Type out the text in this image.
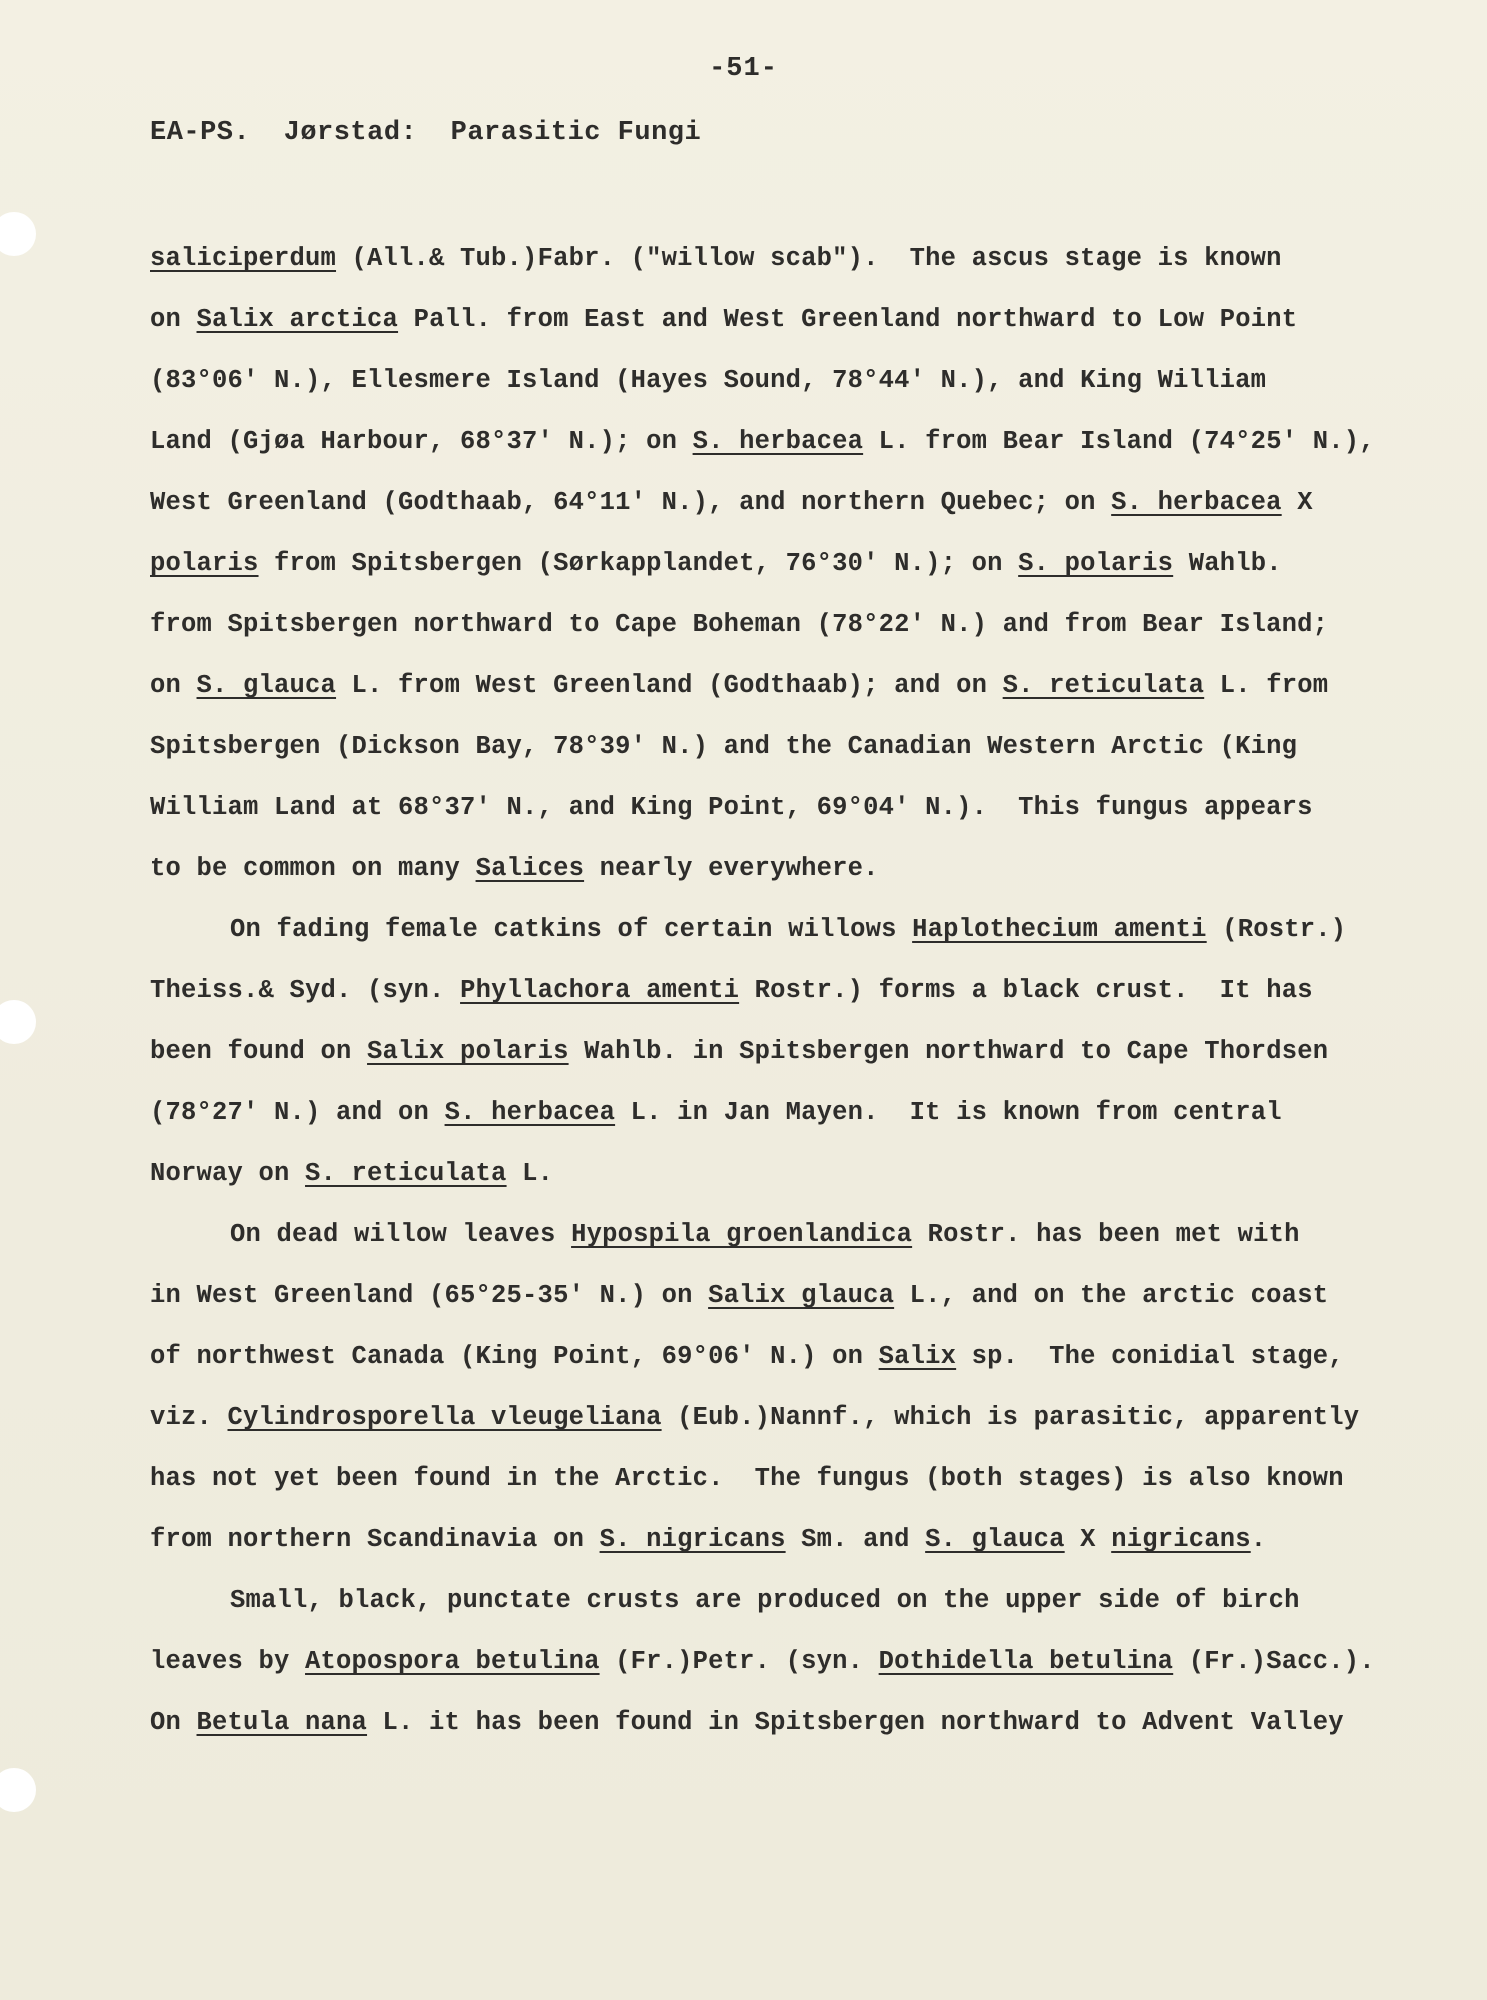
-51-
EA-PS.  Jørstad:  Parasitic Fungi
saliciperdum (All.& Tub.)Fabr. ("willow scab").  The ascus stage is known
on Salix arctica Pall. from East and West Greenland northward to Low Point
(83°06' N.), Ellesmere Island (Hayes Sound, 78°44' N.), and King William
Land (Gjøa Harbour, 68°37' N.); on S. herbacea L. from Bear Island (74°25' N.),
West Greenland (Godthaab, 64°11' N.), and northern Quebec; on S. herbacea X
polaris from Spitsbergen (Sørkapplandet, 76°30' N.); on S. polaris Wahlb.
from Spitsbergen northward to Cape Boheman (78°22' N.) and from Bear Island;
on S. glauca L. from West Greenland (Godthaab); and on S. reticulata L. from
Spitsbergen (Dickson Bay, 78°39' N.) and the Canadian Western Arctic (King
William Land at 68°37' N., and King Point, 69°04' N.).  This fungus appears
to be common on many Salices nearly everywhere.
On fading female catkins of certain willows Haplothecium amenti (Rostr.)
Theiss.& Syd. (syn. Phyllachora amenti Rostr.) forms a black crust.  It has
been found on Salix polaris Wahlb. in Spitsbergen northward to Cape Thordsen
(78°27' N.) and on S. herbacea L. in Jan Mayen.  It is known from central
Norway on S. reticulata L.
On dead willow leaves Hypospila groenlandica Rostr. has been met with
in West Greenland (65°25-35' N.) on Salix glauca L., and on the arctic coast
of northwest Canada (King Point, 69°06' N.) on Salix sp.  The conidial stage,
viz. Cylindrosporella vleugeliana (Eub.)Nannf., which is parasitic, apparently
has not yet been found in the Arctic.  The fungus (both stages) is also known
from northern Scandinavia on S. nigricans Sm. and S. glauca X nigricans.
Small, black, punctate crusts are produced on the upper side of birch
leaves by Atopospora betulina (Fr.)Petr. (syn. Dothidella betulina (Fr.)Sacc.).
On Betula nana L. it has been found in Spitsbergen northward to Advent Valley
